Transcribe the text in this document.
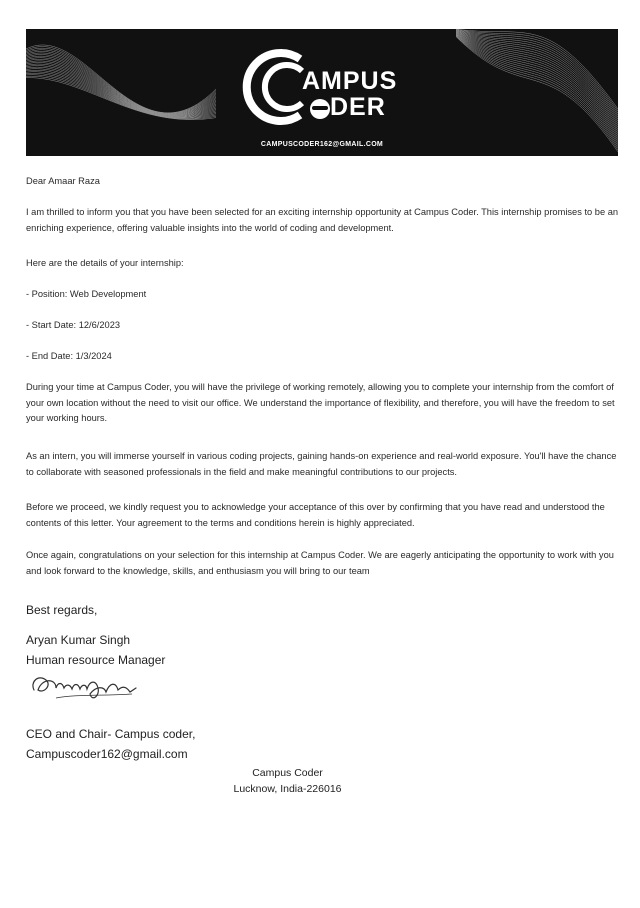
AMPUS
DER
CAMPUSCODER162@GMAIL.COM

Dear Amaar Raza

I am thrilled to inform you that you have been selected for an exciting internship opportunity at Campus Coder. This internship promises to be an enriching experience, offering valuable insights into the world of coding and development.

Here are the details of your internship:

- Position: Web Development

- Start Date: 12/6/2023

- End Date: 1/3/2024

During your time at Campus Coder, you will have the privilege of working remotely, allowing you to complete your internship from the comfort of your own location without the need to visit our office. We understand the importance of flexibility, and therefore, you will have the freedom to set your working hours.

As an intern, you will immerse yourself in various coding projects, gaining hands-on experience and real-world exposure. You'll have the chance to collaborate with seasoned professionals in the field and make meaningful contributions to our projects.

Before we proceed, we kindly request you to acknowledge your acceptance of this over by confirming that you have read and understood the contents of this letter. Your agreement to the terms and conditions herein is highly appreciated.

Once again, congratulations on your selection for this internship at Campus Coder. We are eagerly anticipating the opportunity to work with you and look forward to the knowledge, skills, and enthusiasm you will bring to our team

Best regards,

Aryan Kumar Singh

Human resource Manager

CEO and Chair- Campus coder,

Campuscoder162@gmail.com

Campus Coder
Lucknow, India-226016
